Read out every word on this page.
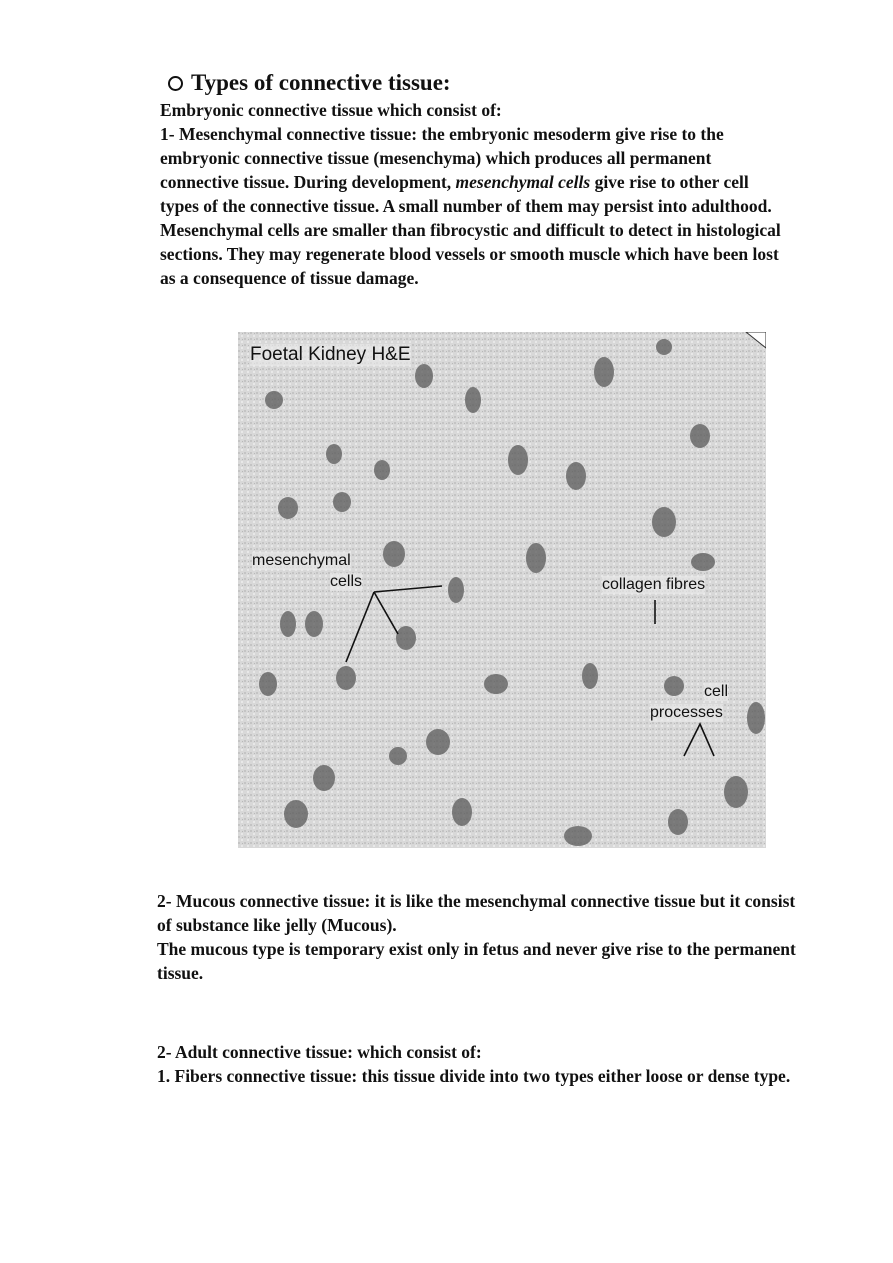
Types of connective tissue:

Embryonic connective tissue which consist of:

1- Mesenchymal connective tissue: the embryonic mesoderm give rise to the embryonic connective tissue (mesenchyma) which produces all permanent connective tissue. During development, mesenchymal cells give rise to other cell types of the connective tissue. A small number of them may persist into adulthood. Mesenchymal cells are smaller than fibrocystic and difficult to detect in histological sections. They may regenerate blood vessels or smooth muscle which have been lost as a consequence of tissue damage.

Foetal Kidney H&E
mesenchymal
cells	collagen fibres
cell
processes

2- Mucous connective tissue: it is like the mesenchymal connective tissue but it consist of substance like jelly (Mucous).

The mucous type is temporary exist only in fetus and never give rise to the permanent tissue.

2- Adult connective tissue: which consist of:

1. Fibers connective tissue: this tissue divide into two types either loose or dense type.
